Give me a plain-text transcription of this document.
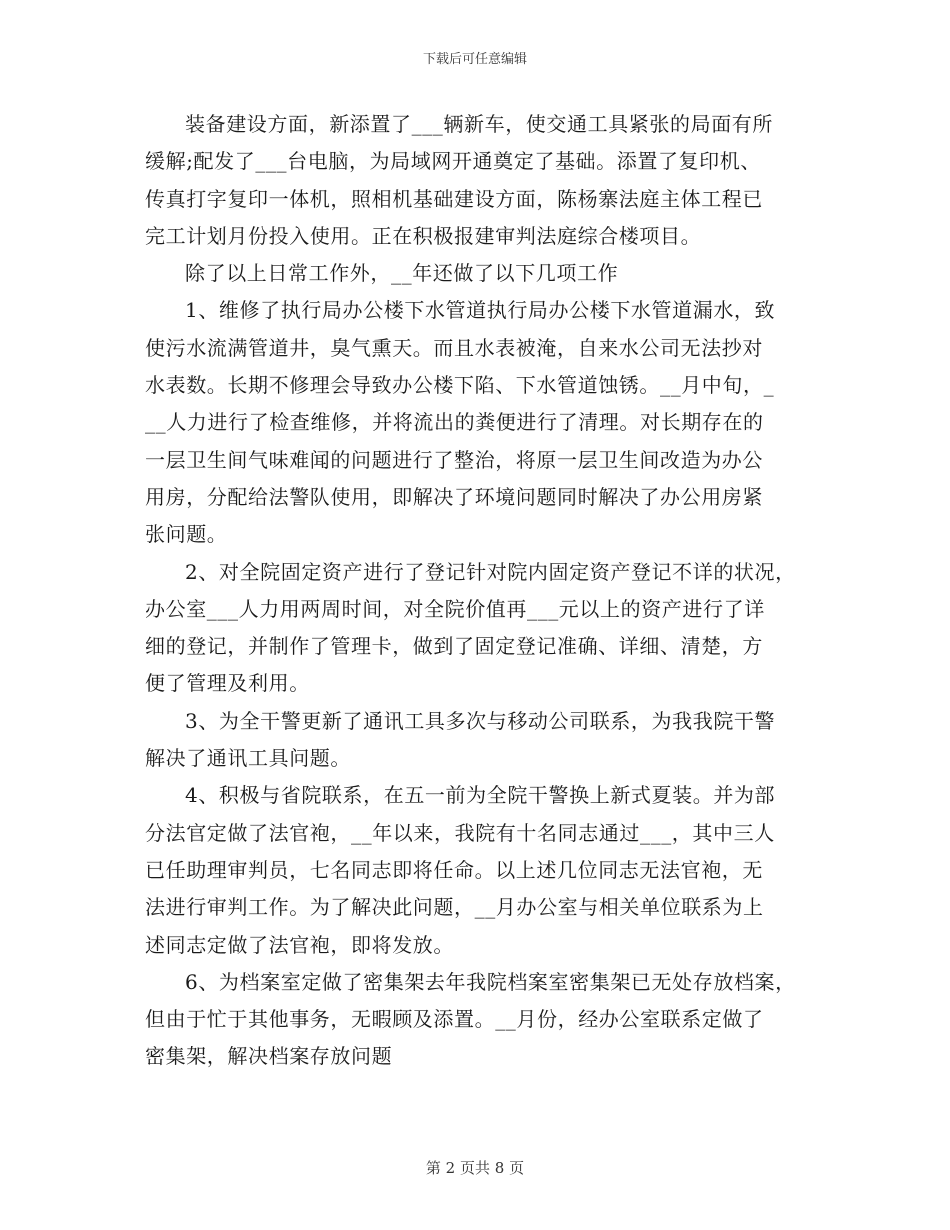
下载后可任意编辑

装备建设方面，新添置了___辆新车，使交通工具紧张的局面有所
缓解;配发了___台电脑，为局域网开通奠定了基础。添置了复印机、
传真打字复印一体机，照相机基础建设方面，陈杨寨法庭主体工程已
完工计划月份投入使用。正在积极报建审判法庭综合楼项目。

除了以上日常工作外，__年还做了以下几项工作

1、维修了执行局办公楼下水管道执行局办公楼下水管道漏水，致
使污水流满管道井，臭气熏天。而且水表被淹，自来水公司无法抄对
水表数。长期不修理会导致办公楼下陷、下水管道蚀锈。__月中旬，_
__人力进行了检查维修，并将流出的粪便进行了清理。对长期存在的
一层卫生间气味难闻的问题进行了整治，将原一层卫生间改造为办公
用房，分配给法警队使用，即解决了环境问题同时解决了办公用房紧
张问题。

2、对全院固定资产进行了登记针对院内固定资产登记不详的状况，
办公室___人力用两周时间，对全院价值再___元以上的资产进行了详
细的登记，并制作了管理卡，做到了固定登记准确、详细、清楚，方
便了管理及利用。

3、为全干警更新了通讯工具多次与移动公司联系，为我我院干警
解决了通讯工具问题。

4、积极与省院联系，在五一前为全院干警换上新式夏装。并为部
分法官定做了法官袍，__年以来，我院有十名同志通过___，其中三人
已任助理审判员，七名同志即将任命。以上述几位同志无法官袍，无
法进行审判工作。为了解决此问题，__月办公室与相关单位联系为上
述同志定做了法官袍，即将发放。

6、为档案室定做了密集架去年我院档案室密集架已无处存放档案，
但由于忙于其他事务，无暇顾及添置。__月份，经办公室联系定做了
密集架，解决档案存放问题

第 2 页共 8 页
